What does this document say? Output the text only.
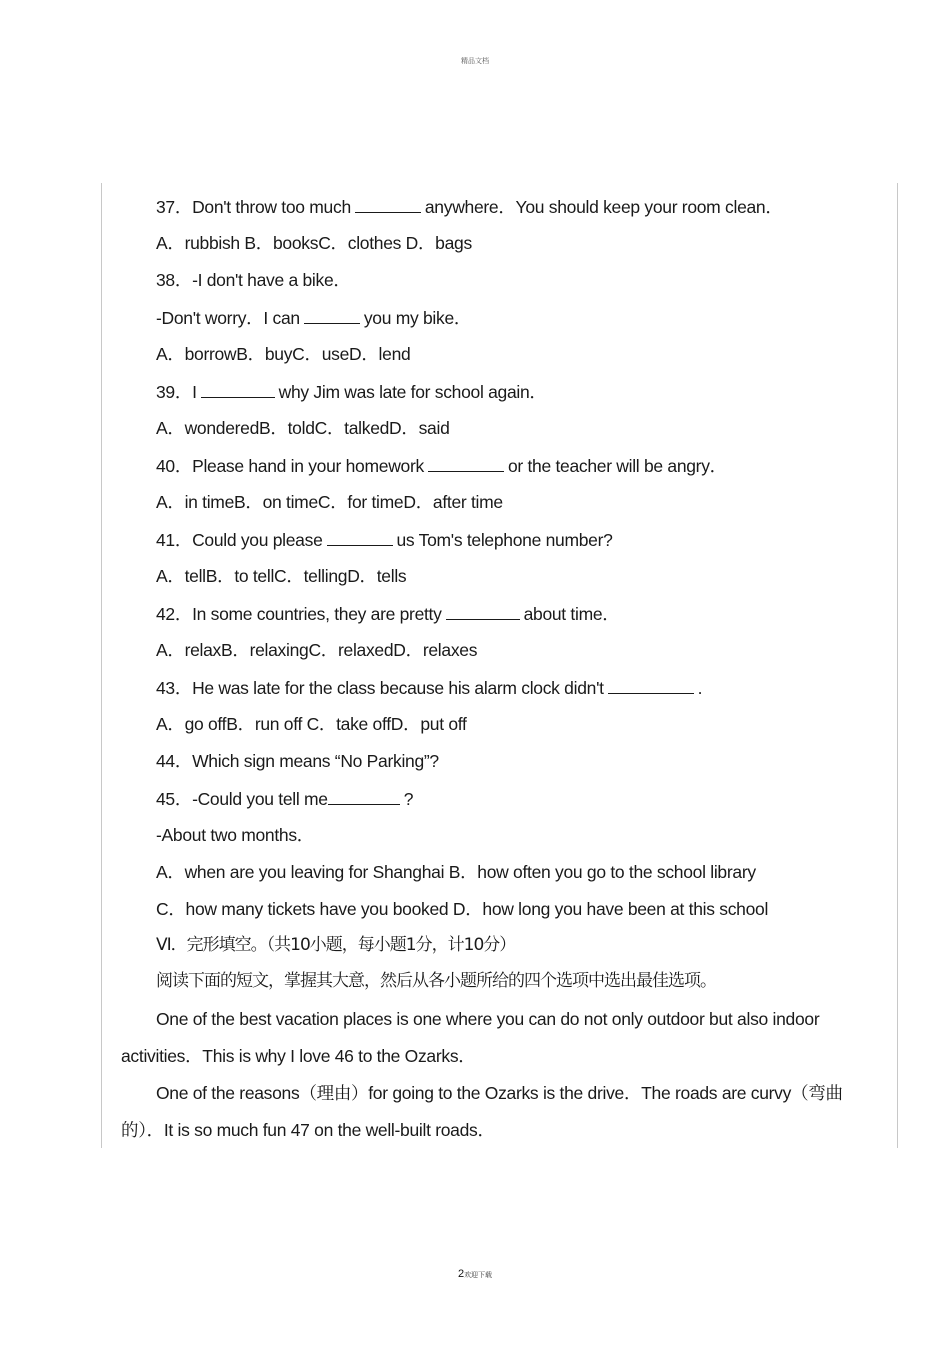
精品文档
37．Don't throw too much	anywhere．You should keep your room clean．
A．rubbish B．booksC．clothes D．bags
38．-I don't have a bike．
-Don't worry．I can	you my bike．
A．borrowB．buyC．useD．lend
39．I	why Jim was late for school again．
A．wonderedB．toldC．talkedD．said
40．Please hand in your homework	or the teacher will be angry．
A．in timeB．on timeC．for timeD．after time
41．Could you please	us Tom's telephone number?
A．tellB．to tellC．tellingD．tells
42．In some countries, they are pretty	about time．
A．relaxB．relaxingC．relaxedD．relaxes
43．He was late for the class because his alarm clock didn't	.
A．go offB．run off C．take offD．put off
44．Which sign means “No Parking”?
45．-Could you tell me	?
-About two months．
A．when are you leaving for Shanghai B．how often you go to the school library
C．how many tickets have you booked D．how long you have been at this school
Ⅵ．完形填空。（共10小题，每小题1分，计10分）
阅读下面的短文，掌握其大意，然后从各小题所给的四个选项中选出最佳选项。
One of the best vacation places is one where you can do not only outdoor but also indoor
activities．This is why I love 46 to the Ozarks．
One of the reasons（理由）for going to the Ozarks is the drive．The roads are curvy（弯曲
的）．It is so much fun 47 on the well-built roads．
2欢迎下载
